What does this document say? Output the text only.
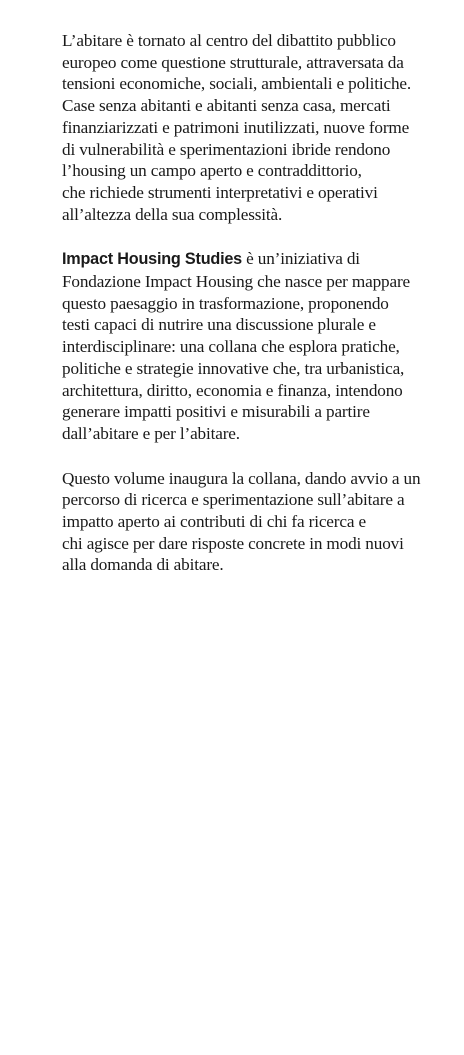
L’abitare è tornato al centro del dibattito pubblico
europeo come questione strutturale, attraversata da
tensioni economiche, sociali, ambientali e politiche.
Case senza abitanti e abitanti senza casa, mercati
finanziarizzati e patrimoni inutilizzati, nuove forme
di vulnerabilità e sperimentazioni ibride rendono
l’housing un campo aperto e contraddittorio,
che richiede strumenti interpretativi e operativi
all’altezza della sua complessità.
Impact Housing Studies è un’iniziativa di
Fondazione Impact Housing che nasce per mappare
questo paesaggio in trasformazione, proponendo
testi capaci di nutrire una discussione plurale e
interdisciplinare: una collana che esplora pratiche,
politiche e strategie innovative che, tra urbanistica,
architettura, diritto, economia e finanza, intendono
generare impatti positivi e misurabili a partire
dall’abitare e per l’abitare.
Questo volume inaugura la collana, dando avvio a un
percorso di ricerca e sperimentazione sull’abitare a
impatto aperto ai contributi di chi fa ricerca e
chi agisce per dare risposte concrete in modi nuovi
alla domanda di abitare.
